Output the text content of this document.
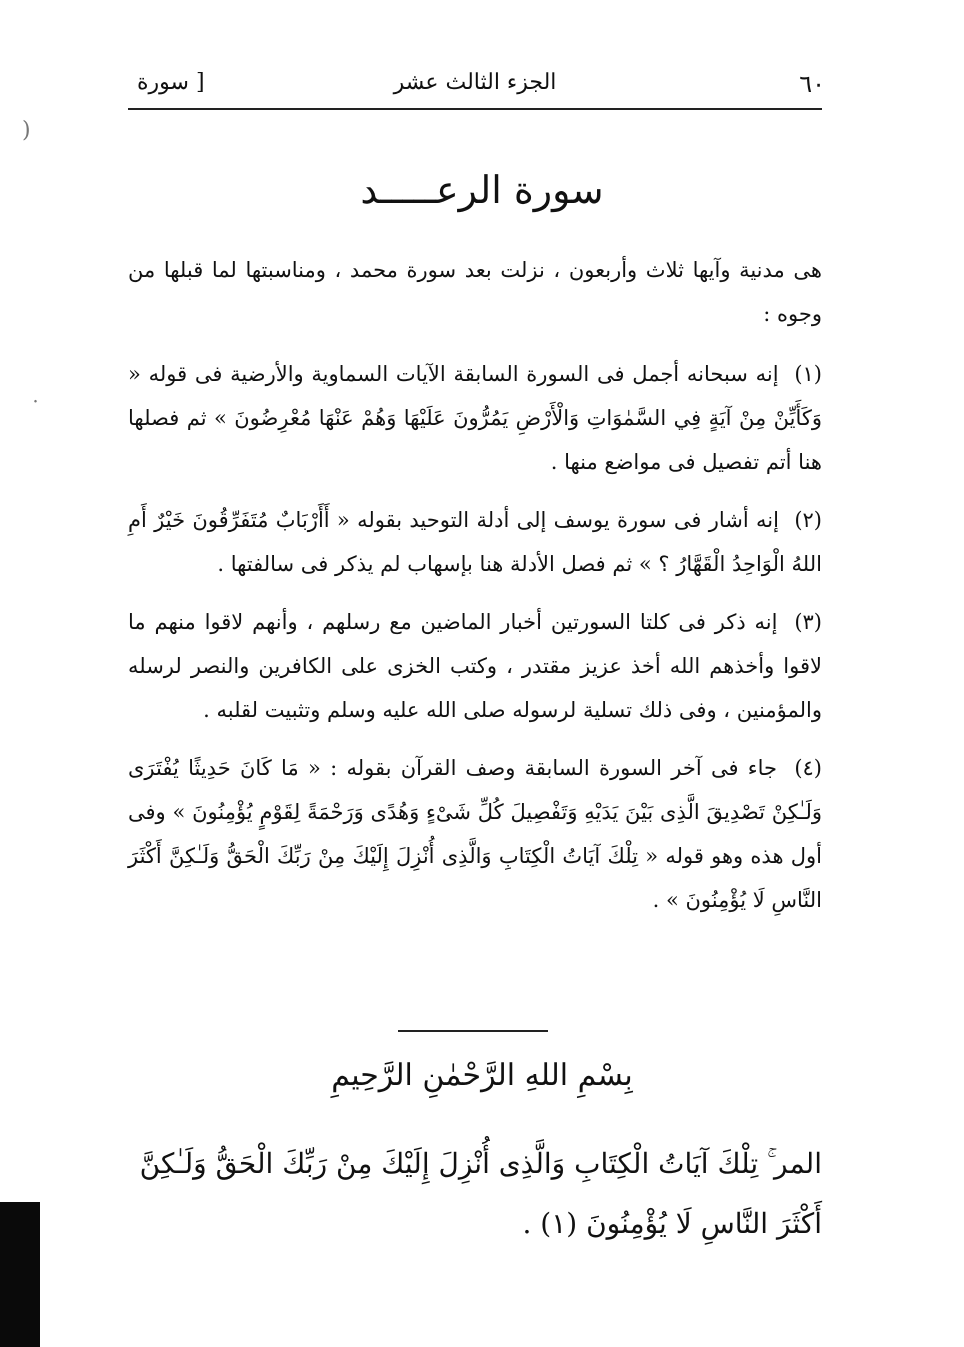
٦٠
الجزء الثالث عشر
[ سورة
سورة الرعـــــد

هى مدنية وآيها ثلاث وأربعون ، نزلت بعد سورة محمد ، ومناسبتها لما قبلها من وجوه :

(١) إنه سبحانه أجمل فى السورة السابقة الآيات السماوية والأرضية فى قوله « وَكَأَيِّنْ مِنْ آيَةٍ فِي السَّمٰوَاتِ وَالْأَرْضِ يَمُرُّونَ عَلَيْهَا وَهُمْ عَنْهَا مُعْرِضُونَ » ثم فصلها هنا أتم تفصيل فى مواضع منها .

(٢) إنه أشار فى سورة يوسف إلى أدلة التوحيد بقوله « أَأَرْبَابٌ مُتَفَرِّقُونَ خَيْرٌ أَمِ اللهُ الْوَاحِدُ الْقَهَّارُ ؟ » ثم فصل الأدلة هنا بإسهاب لم يذكر فى سالفتها .

(٣) إنه ذكر فى كلتا السورتين أخبار الماضين مع رسلهم ، وأنهم لاقوا منهم ما لاقوا وأخذهم الله أخذ عزيز مقتدر ، وكتب الخزى على الكافرين والنصر لرسله والمؤمنين ، وفى ذلك تسلية لرسوله صلى الله عليه وسلم وتثبيت لقلبه .

(٤) جاء فى آخر السورة السابقة وصف القرآن بقوله : « مَا كَانَ حَدِيثًا يُفْتَرَى وَلَـٰكِنْ تَصْدِيقَ الَّذِى بَيْنَ يَدَيْهِ وَتَفْصِيلَ كُلِّ شَىْءٍ وَهُدًى وَرَحْمَةً لِقَوْمٍ يُؤْمِنُونَ » وفى أول هذه وهو قوله « تِلْكَ آيَاتُ الْكِتَابِ وَالَّذِى أُنْزِلَ إِلَيْكَ مِنْ رَبِّكَ الْحَقُّ وَلَـٰكِنَّ أَكْثَرَ النَّاسِ لَا يُؤْمِنُونَ » .

بِسْمِ اللهِ الرَّحْمٰنِ الرَّحِيمِ
المر ۚ تِلْكَ آيَاتُ الْكِتَابِ وَالَّذِى أُنْزِلَ إِلَيْكَ مِنْ رَبِّكَ الْحَقُّ وَلَـٰكِنَّ أَكْثَرَ النَّاسِ لَا يُؤْمِنُونَ (١) .
)
˙
